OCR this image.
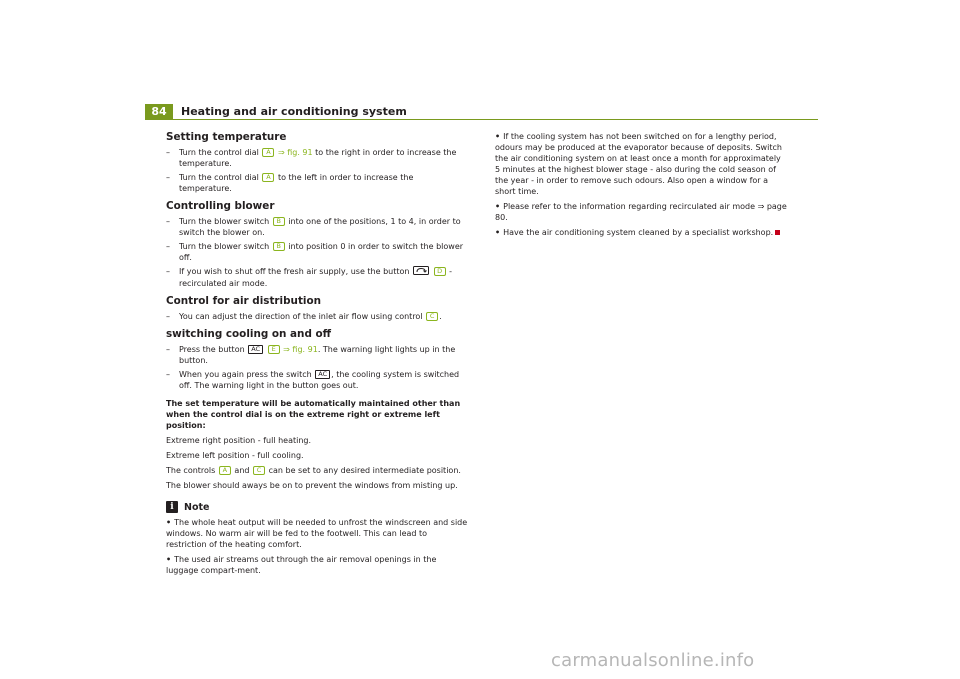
84	Heating and air conditioning system
Setting temperature
– Turn the control dial A ⇒ fig. 91 to the right in order to increase the temperature.
– Turn the control dial A to the left in order to increase the temperature.
Controlling blower
– Turn the blower switch B into one of the positions, 1 to 4, in order to switch the blower on.
– Turn the blower switch B into position 0 in order to switch the blower off.
– If you wish to shut off the fresh air supply, use the button	D - recirculated air mode.
Control for air distribution
– You can adjust the direction of the inlet air flow using control C .
switching cooling on and off
– Press the button AC E ⇒ fig. 91. The warning light lights up in the button.
– When you again press the switch AC , the cooling system is switched off. The warning light in the button goes out.
The set temperature will be automatically maintained other than when the control dial is on the extreme right or extreme left position:

Extreme right position - full heating.

Extreme left position - full cooling.

The controls A and C can be set to any desired intermediate position.

The blower should aways be on to prevent the windows from misting up.

i	Note
• The whole heat output will be needed to unfrost the windscreen and side windows. No warm air will be fed to the footwell. This can lead to restriction of the heating comfort.
• The used air streams out through the air removal openings in the luggage compart-ment.
• If the cooling system has not been switched on for a lengthy period, odours may be produced at the evaporator because of deposits. Switch the air conditioning system on at least once a month for approximately 5 minutes at the highest blower stage - also during the cold season of the year - in order to remove such odours. Also open a window for a short time.
• Please refer to the information regarding recirculated air mode ⇒ page 80.
• Have the air conditioning system cleaned by a specialist workshop.
carmanualsonline.info
